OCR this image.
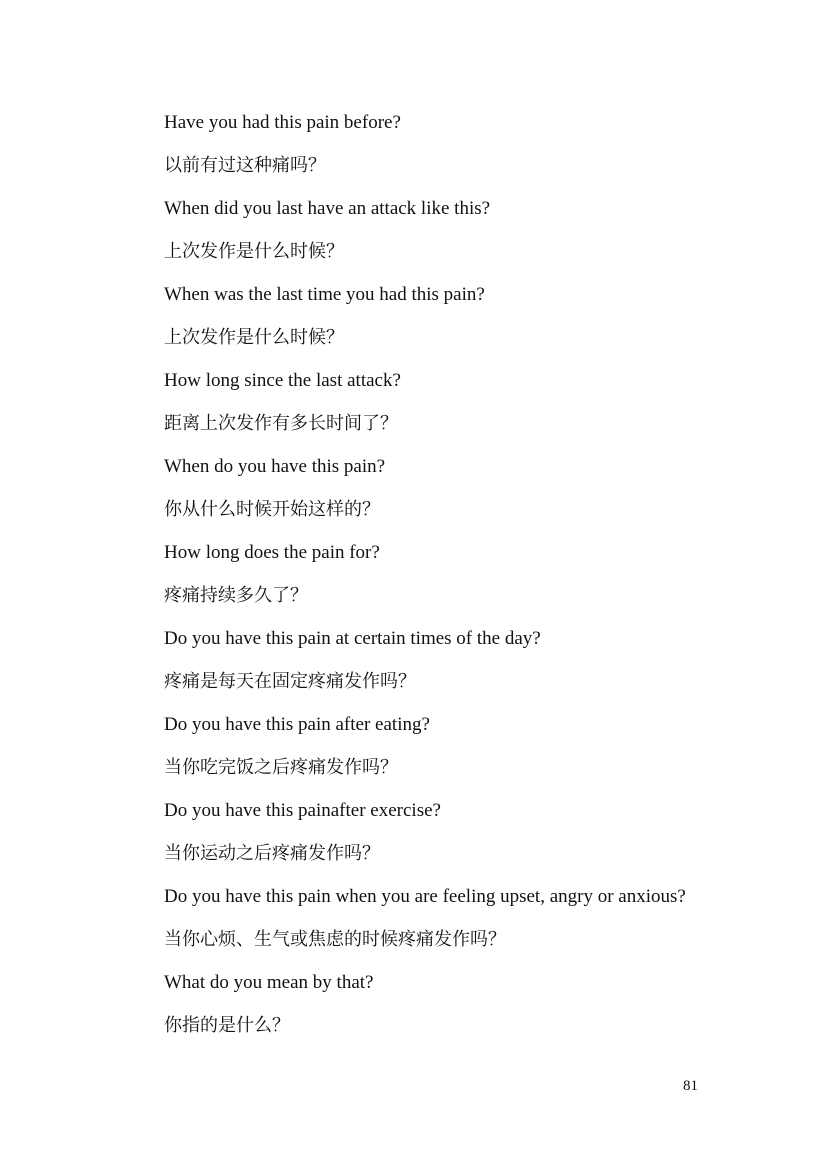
Have you had this pain before?
以前有过这种痛吗？
When did you last have an attack like this?
上次发作是什么时候？
When was the last time you had this pain?
上次发作是什么时候？
How long since the last attack?
距离上次发作有多长时间了？
When do you have this pain?
你从什么时候开始这样的？
How long does the pain for?
疼痛持续多久了？
Do you have this pain at certain times of the day?
疼痛是每天在固定疼痛发作吗？
Do you have this pain after eating?
当你吃完饭之后疼痛发作吗？
Do you have this painafter exercise?
当你运动之后疼痛发作吗？
Do you have this pain when you are feeling upset, angry or anxious?
当你心烦、生气或焦虑的时候疼痛发作吗？
What do you mean by that?
你指的是什么？
81
